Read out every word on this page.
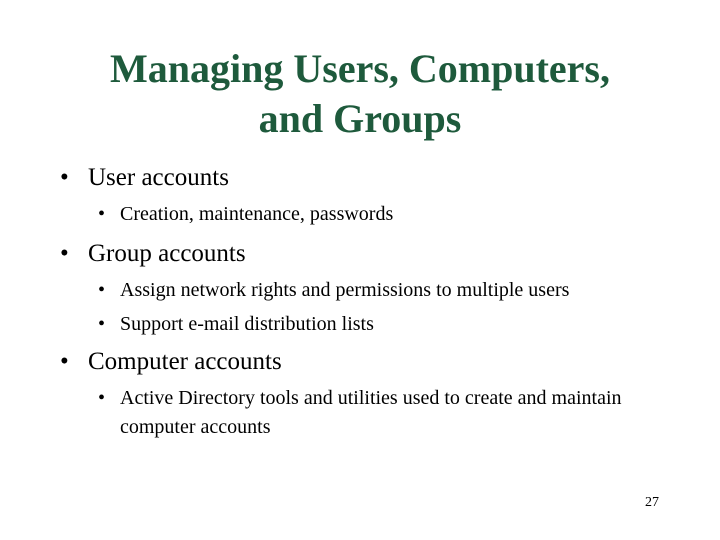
Managing Users, Computers,
and Groups
• User accounts
• Creation, maintenance, passwords
• Group accounts
• Assign network rights and permissions to multiple users
• Support e-mail distribution lists
• Computer accounts
• Active Directory tools and utilities used to create and maintain computer accounts
27
